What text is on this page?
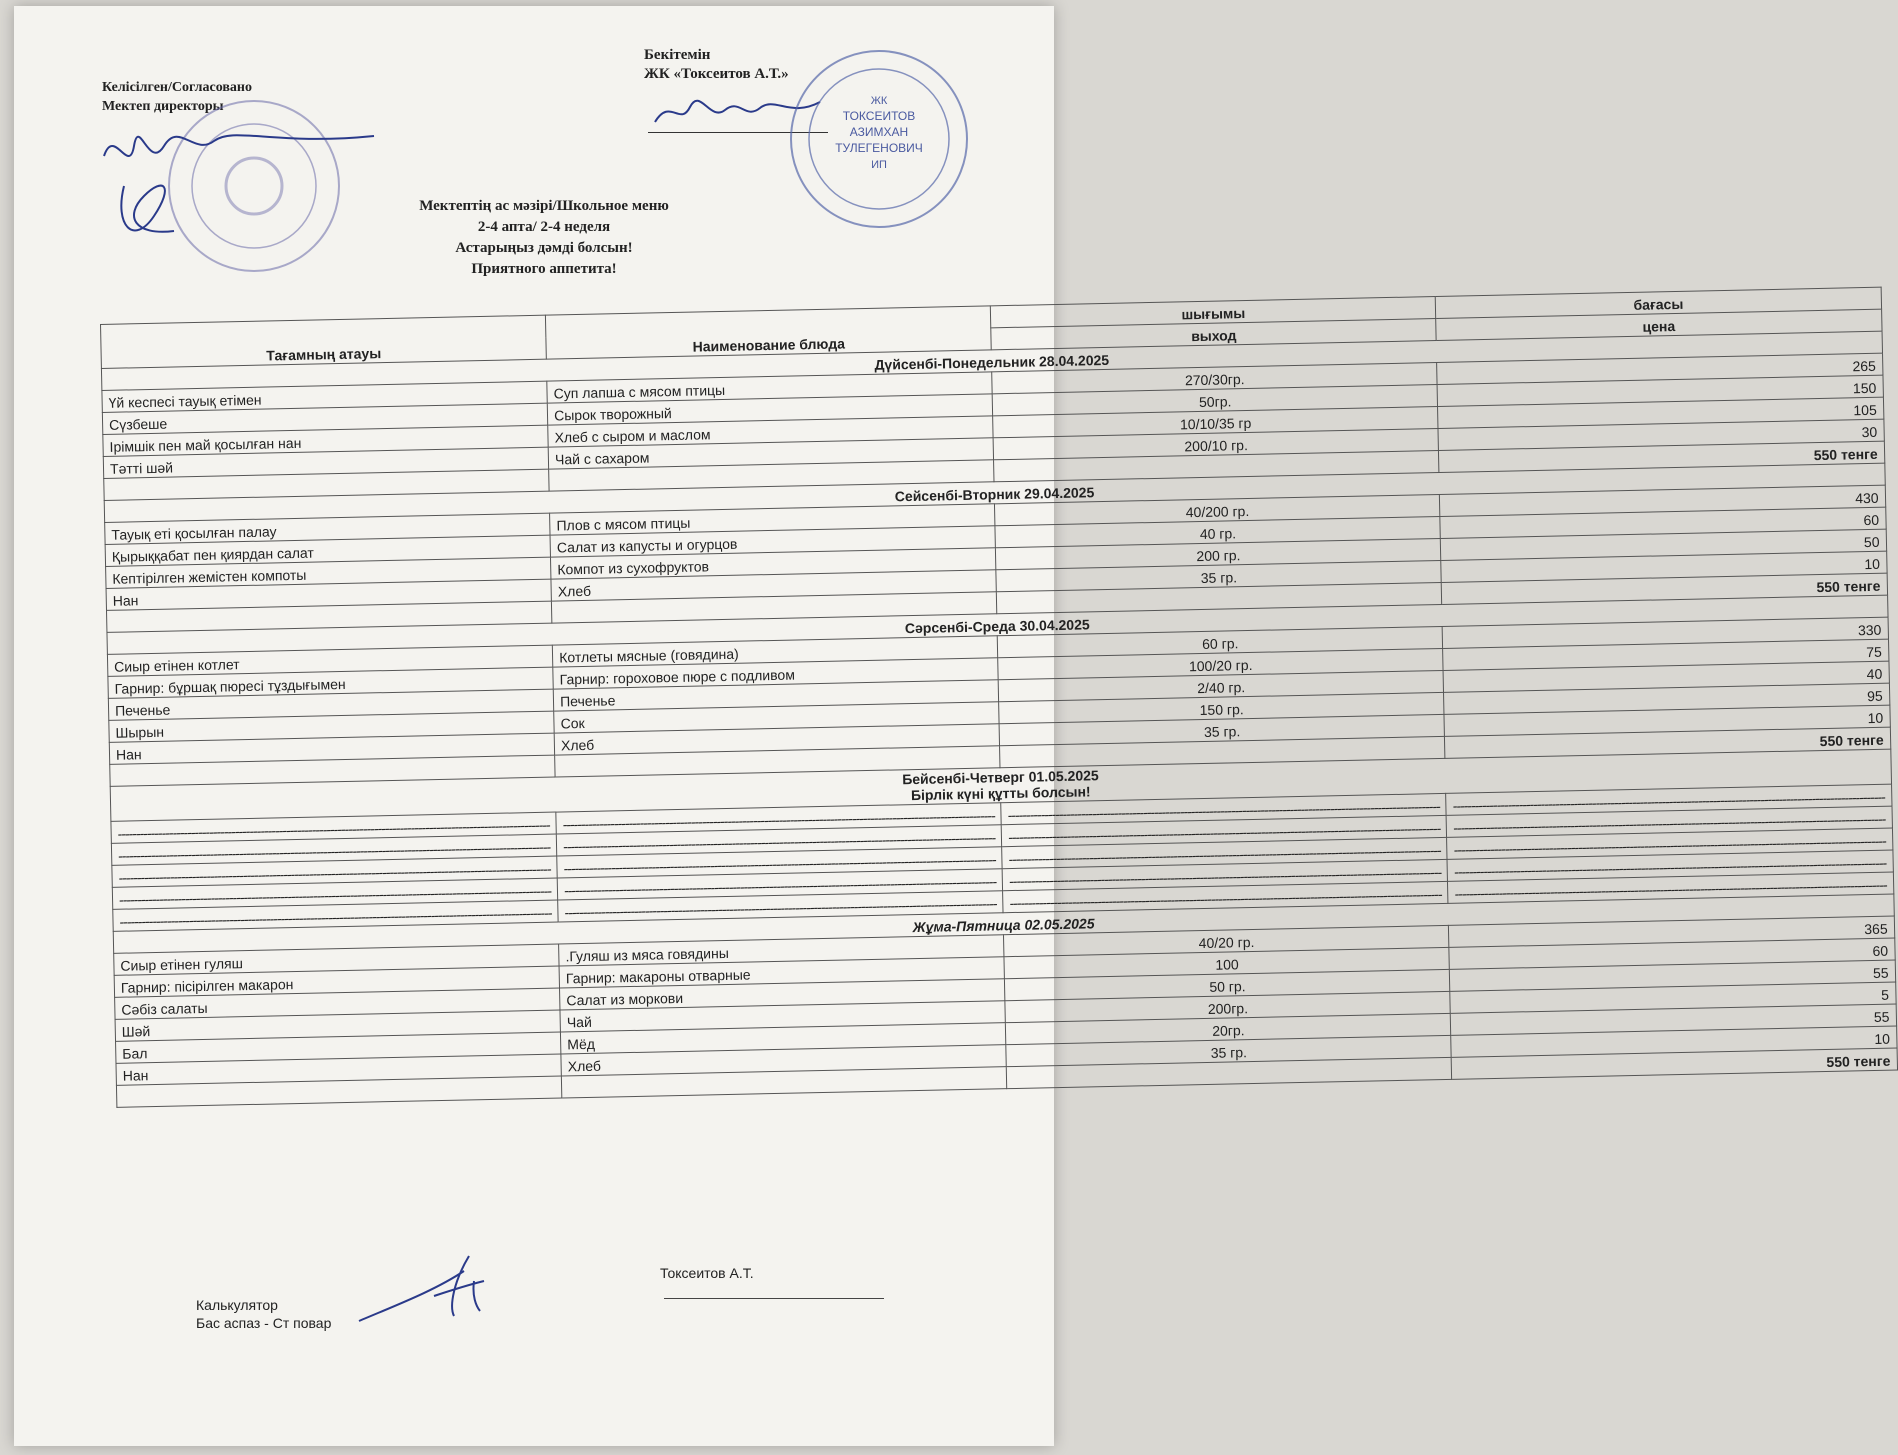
Бекітемін
ЖК «Токсеитов А.Т.»
ЖК
ТОКСЕИТОВ
АЗИМХАН
ТУЛЕГЕНОВИЧ
ИП
Келісілген/Согласовано
Мектеп директоры
Мектептің ас мәзірі/Школьное меню
2-4 апта/ 2-4 неделя
Астарыңыз дәмді болсын!
Приятного аппетита!
Тағамның атауы	Наименование блюда	шығымы	бағасы
		выход	цена
Дүйсенбі-Понедельник 28.04.2025			
Үй кеспесі тауық етімен	Суп лапша с мясом птицы	270/30гр.	265
Сүзбеше	Сырок творожный	50гр.	150
Ірімшік пен май қосылған нан	Хлеб с сыром и маслом	10/10/35 гр	105
Тәтті шәй	Чай с сахаром	200/10 гр.	30
			550 тенге
Сейсенбі-Вторник 29.04.2025			
Тауық еті қосылған палау	Плов с мясом птицы	40/200 гр.	430
Қырыққабат пен қиярдан салат	Салат из капусты и огурцов	40 гр.	60
Кептірілген жемістен компоты	Компот из сухофруктов	200 гр.	50
Нан	Хлеб	35 гр.	10
			550 тенге
Сәрсенбі-Среда 30.04.2025			
Сиыр етінен котлет	Котлеты мясные (говядина)	60 гр.	330
Гарнир: бұршақ пюресі тұздығымен	Гарнир: гороховое пюре с подливом	100/20 гр.	75
Печенье	Печенье	2/40 гр.	40
Шырын	Сок	150 гр.	95
Нан	Хлеб	35 гр.	10
			550 тенге

Бейсенбі-Четверг 01.05.2025
Бірлік күні құтты болсын!			

----------------------------------------------------------------------------------------------------------------------	----------------------------------------------------------------------------------------------------------------------	----------------------------------------------------------------------------------------------------------------------	----------------------------------------------------------------------------------------------------------------------
----------------------------------------------------------------------------------------------------------------------	----------------------------------------------------------------------------------------------------------------------	----------------------------------------------------------------------------------------------------------------------	----------------------------------------------------------------------------------------------------------------------
----------------------------------------------------------------------------------------------------------------------	----------------------------------------------------------------------------------------------------------------------	----------------------------------------------------------------------------------------------------------------------	----------------------------------------------------------------------------------------------------------------------
----------------------------------------------------------------------------------------------------------------------	----------------------------------------------------------------------------------------------------------------------	----------------------------------------------------------------------------------------------------------------------	----------------------------------------------------------------------------------------------------------------------
----------------------------------------------------------------------------------------------------------------------	----------------------------------------------------------------------------------------------------------------------	----------------------------------------------------------------------------------------------------------------------	----------------------------------------------------------------------------------------------------------------------
Жұма-Пятница 02.05.2025			
Сиыр етінен гуляш	.Гуляш из мяса говядины	40/20 гр.	365
Гарнир: пісірілген макарон	Гарнир: макароны отварные	100	60
Сәбіз салаты	Салат из моркови	50 гр.	55
Шәй	Чай	200гр.	5
Бал	Мёд	20гр.	55
Нан	Хлеб	35 гр.	10
			550 тенге
Калькулятор
Бас аспаз - Ст повар
Токсеитов А.Т.
